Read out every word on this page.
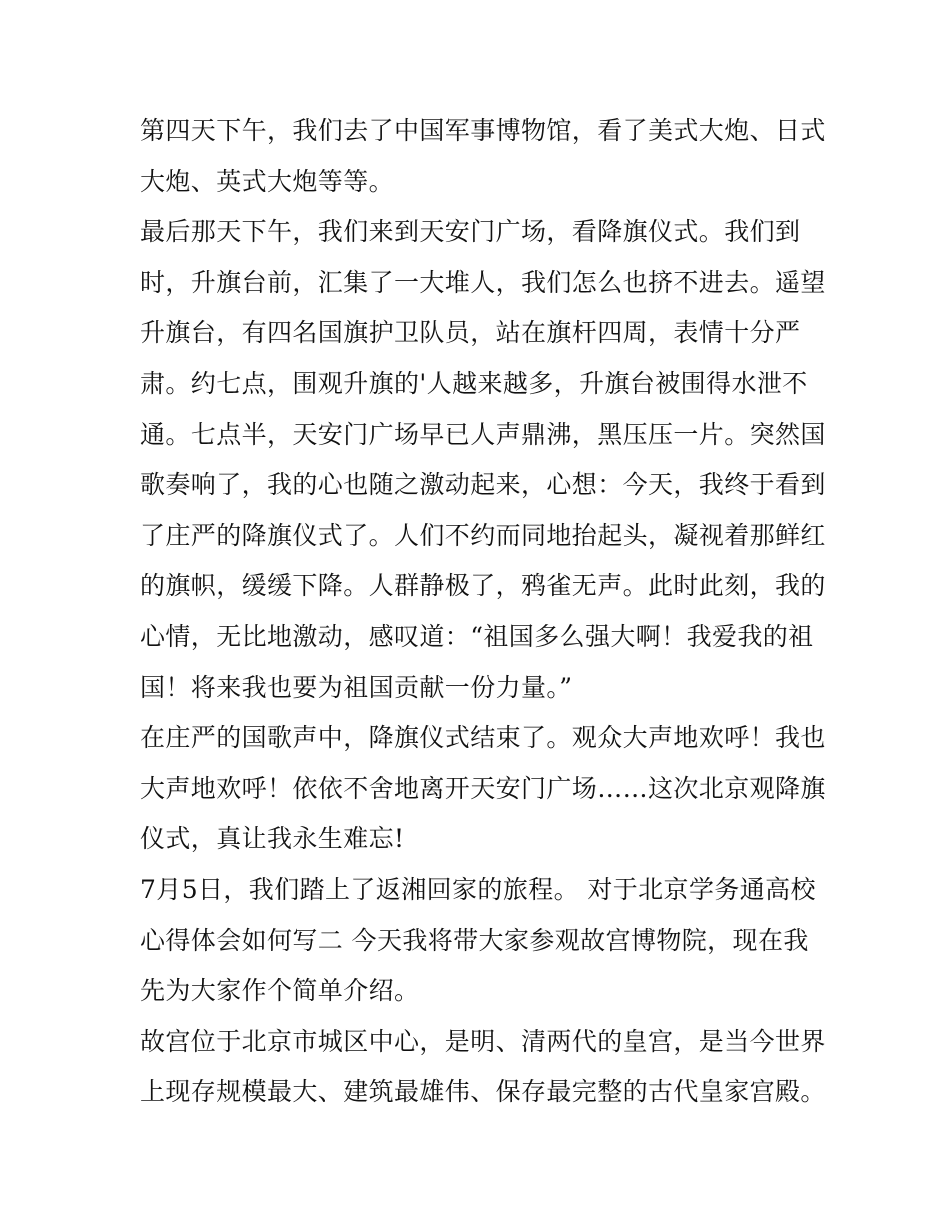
第四天下午，我们去了中国军事博物馆，看了美式大炮、日式
大炮、英式大炮等等。
最后那天下午，我们来到天安门广场，看降旗仪式。我们到
时，升旗台前，汇集了一大堆人，我们怎么也挤不进去。遥望
升旗台，有四名国旗护卫队员，站在旗杆四周，表情十分严
肃。约七点，围观升旗的'人越来越多，升旗台被围得水泄不
通。七点半，天安门广场早已人声鼎沸，黑压压一片。突然国
歌奏响了，我的心也随之激动起来，心想：今天，我终于看到
了庄严的降旗仪式了。人们不约而同地抬起头，凝视着那鲜红
的旗帜，缓缓下降。人群静极了，鸦雀无声。此时此刻，我的
心情，无比地激动，感叹道：“祖国多么强大啊！我爱我的祖
国！将来我也要为祖国贡献一份力量。”
在庄严的国歌声中，降旗仪式结束了。观众大声地欢呼！我也
大声地欢呼！依依不舍地离开天安门广场……这次北京观降旗
仪式，真让我永生难忘!
7月5日，我们踏上了返湘回家的旅程。 对于北京学务通高校
心得体会如何写二 今天我将带大家参观故宫博物院，现在我
先为大家作个简单介绍。
故宫位于北京市城区中心，是明、清两代的皇宫，是当今世界
上现存规模最大、建筑最雄伟、保存最完整的古代皇家宫殿。
